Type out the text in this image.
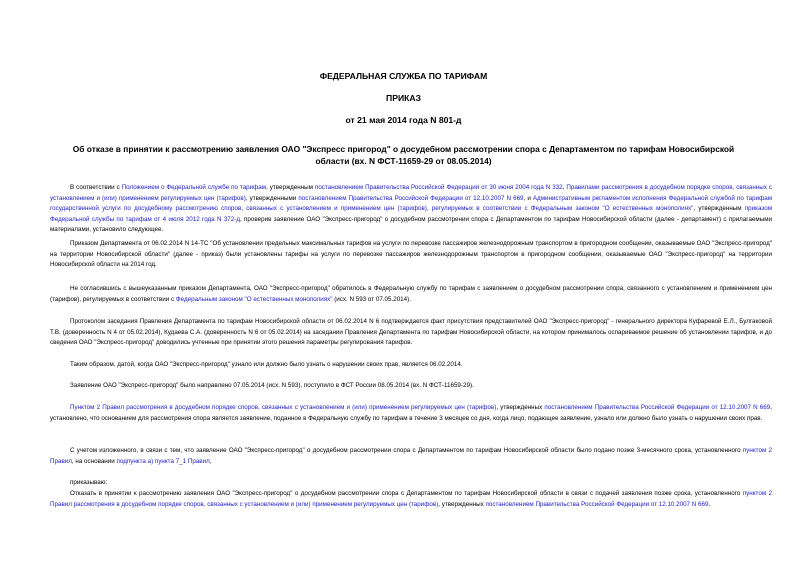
ФЕДЕРАЛЬНАЯ СЛУЖБА ПО ТАРИФАМ
ПРИКАЗ
от 21 мая 2014 года N 801-д
Об отказе в принятии к рассмотрению заявления ОАО "Экспресс пригород" о досудебном рассмотрении спора с Департаментом по тарифам Новосибирской области (вх. N ФСТ-11659-29 от 08.05.2014)

В соответствии с Положением о Федеральной службе по тарифам, утвержденным постановлением Правительства Российской Федерации от 30 июня 2004 года N 332, Правилами рассмотрения в досудебном порядке споров, связанных с установлением и (или) применением регулируемых цен (тарифов), утвержденными постановлением Правительства Российской Федерации от 12.10.2007 N 669, и Административным регламентом исполнения Федеральной службой по тарифам государственной услуги по досудебному рассмотрению споров, связанных с установлением и применением цен (тарифов), регулируемых в соответствии с Федеральным законом "О естественных монополиях", утвержденным приказом Федеральной службы по тарифам от 4 июля 2012 года N 372-д, проверив заявление ОАО "Экспресс-пригород" о досудебном рассмотрении спора с Департаментом по тарифам Новосибирской области (далее - департамент) с прилагаемыми материалами, установило следующее.

Приказом Департамента от 06.02.2014 N 14-ТС "Об установлении предельных максимальных тарифов на услуги по перевозке пассажиров железнодорожным транспортом в пригородном сообщении, оказываемые ОАО "Экспресс-пригород" на территории Новосибирской области" (далее - приказ) были установлены тарифы на услуги по перевозке пассажиров железнодорожным транспортом в пригородном сообщении, оказываемые ОАО "Экспресс-пригород" на территории Новосибирской области на 2014 год.

Не согласившись с вышеуказанным приказом Департамента, ОАО "Экспресс-пригород" обратилось в Федеральную службу по тарифам с заявлением о досудебном рассмотрении спора, связанного с установлением и применением цен (тарифов), регулируемых в соответствии с Федеральным законом "О естественных монополиях" (исх. N 593 от 07.05.2014).

Протоколом заседания Правления Департамента по тарифам Новосибирской области от 06.02.2014 N 6 подтверждается факт присутствия представителей ОАО "Экспресс-пригород" - генерального директора Куфаревой Е.Л., Булгаковой Т.В. (доверенность N 4 от 05.02.2014), Кудаева С.А. (доверенность N 6 от 05.02.2014) на заседании Правления Департамента по тарифам Новосибирской области, на котором принималось оспариваемое решение об установлении тарифов, и до сведения ОАО "Экспресс-пригород" доводились учтенные при принятии этого решения параметры регулирования тарифов.

Таким образом, датой, когда ОАО "Экспресс-пригород" узнало или должно было узнать о нарушении своих прав, является 06.02.2014.

Заявление ОАО "Экспресс-пригород" было направлено 07.05.2014 (исх. N 593), поступило в ФСТ России 08.05.2014 (вх. N ФСТ-11659-29).

Пунктом 2 Правил рассмотрения в досудебном порядке споров, связанных с установлением и (или) применением регулируемых цен (тарифов), утвержденных постановлением Правительства Российской Федерации от 12.10.2007 N 669, установлено, что основанием для рассмотрения спора является заявление, поданное в Федеральную службу по тарифам в течение 3 месяцев со дня, когда лицо, подающее заявление, узнало или должно было узнать о нарушении своих прав.

С учетом изложенного, в связи с тем, что заявление ОАО "Экспресс-пригород" о досудебном рассмотрении спора с Департаментом по тарифам Новосибирской области было подано позже 3-месячного срока, установленного пунктом 2 Правил, на основании подпункта а) пункта 7_1 Правил,

приказываю:

Отказать в принятии к рассмотрению заявления ОАО "Экспресс-пригород" о досудебном рассмотрении спора с Департаментом по тарифам Новосибирской области в связи с подачей заявления позже срока, установленного пунктом 2 Правил рассмотрения в досудебном порядке споров, связанных с установлением и (или) применением регулируемых цен (тарифов), утвержденных постановлением Правительства Российской Федерации от 12.10.2007 N 669.
